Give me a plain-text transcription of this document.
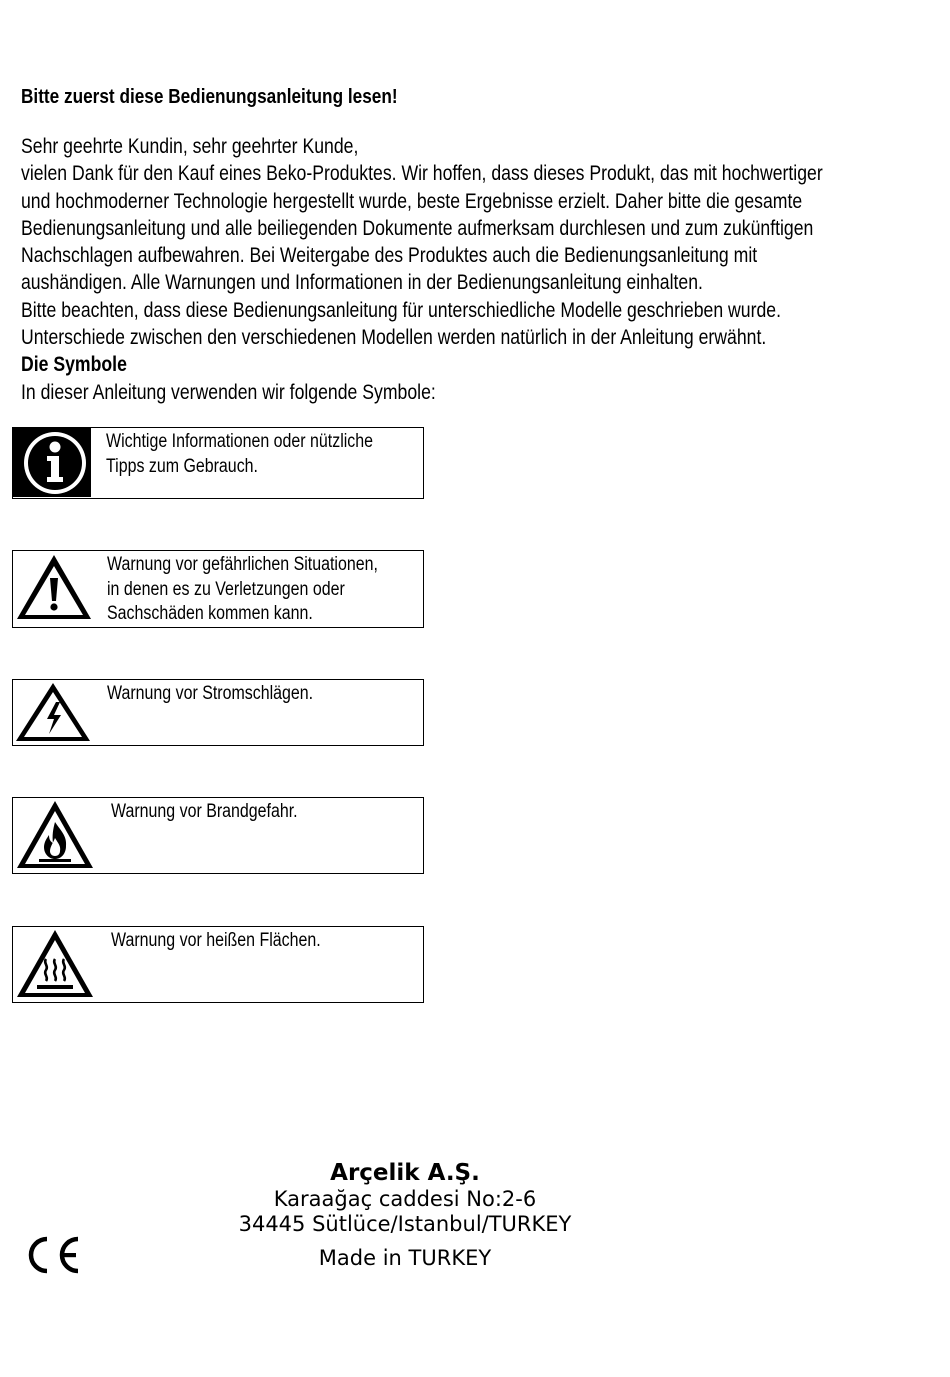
Bitte zuerst diese Bedienungsanleitung lesen!

Sehr geehrte Kundin, sehr geehrter Kunde,

vielen Dank für den Kauf eines Beko-Produktes. Wir hoffen, dass dieses Produkt, das mit hochwertiger

und hochmoderner Technologie hergestellt wurde, beste Ergebnisse erzielt. Daher bitte die gesamte

Bedienungsanleitung und alle beiliegenden Dokumente aufmerksam durchlesen und zum zukünftigen

Nachschlagen aufbewahren. Bei Weitergabe des Produktes auch die Bedienungsanleitung mit

aushändigen. Alle Warnungen und Informationen in der Bedienungsanleitung einhalten.

Bitte beachten, dass diese Bedienungsanleitung für unterschiedliche Modelle geschrieben wurde.

Unterschiede zwischen den verschiedenen Modellen werden natürlich in der Anleitung erwähnt.

Die Symbole

In dieser Anleitung verwenden wir folgende Symbole:

Wichtige Informationen oder nützliche
Tipps zum Gebrauch.
Warnung vor gefährlichen Situationen,
in denen es zu Verletzungen oder
Sachschäden kommen kann.
Warnung vor Stromschlägen.
Warnung vor Brandgefahr.
Warnung vor heißen Flächen.
Arçelik A.Ş.
Karaağaç caddesi No:2-6
34445 Sütlüce/Istanbul/TURKEY
Made in TURKEY
